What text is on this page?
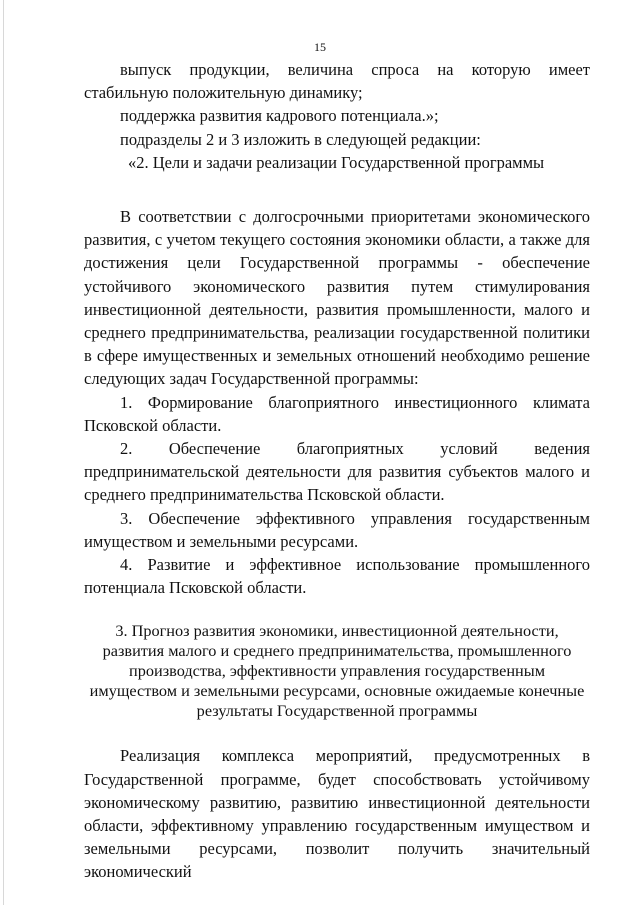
15

выпуск продукции, величина спроса на которую имеет стабильную положительную динамику;

поддержка развития кадрового потенциала.»;

подразделы 2 и 3 изложить в следующей редакции:

«2. Цели и задачи реализации Государственной программы

В соответствии с долгосрочными приоритетами экономического развития, с учетом текущего состояния экономики области, а также для достижения цели Государственной программы - обеспечение устойчивого экономического развития путем стимулирования инвестиционной деятельности, развития промышленности, малого и среднего предпринимательства, реализации государственной политики в сфере имущественных и земельных отношений необходимо решение следующих задач Государственной программы:

1. Формирование благоприятного инвестиционного климата Псковской области.

2. Обеспечение благоприятных условий ведения предпринимательской деятельности для развития субъектов малого и среднего предпринимательства Псковской области.

3. Обеспечение эффективного управления государственным имуществом и земельными ресурсами.

4. Развитие и эффективное использование промышленного потенциала Псковской области.

3. Прогноз развития экономики, инвестиционной деятельности, развития малого и среднего предпринимательства, промышленного производства, эффективности управления государственным имуществом и земельными ресурсами, основные ожидаемые конечные результаты Государственной программы

Реализация комплекса мероприятий, предусмотренных в Государственной программе, будет способствовать устойчивому экономическому развитию, развитию инвестиционной деятельности области, эффективному управлению государственным имуществом и земельными ресурсами, позволит получить значительный экономический
